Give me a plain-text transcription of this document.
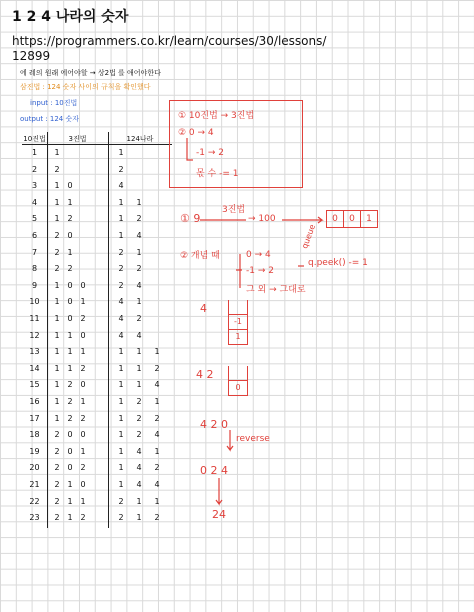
1 2 4 나라의 숫자
https://programmers.co.kr/learn/courses/30/lessons/
12899
에 레의 원래 에어야할 → 상2법 를 애어야한다
삼진법 : 124 숫자 사이의 규칙을 확인했다
input : 10진법
output : 124 숫자
10진법	3진법	124나라
1	1	1
2	2	2
3	1 0	4
4	1 1	1	1
5	1 2	1	2
6	2 0	1	4
7	2 1	2	1
8	2 2	2	2
9	1 0 0	2	4
10	1 0 1	4	1
11	1 0 2	4	2
12	1 1 0	4	4
13	1 1 1	1	1	1
14	1 1 2	1	1	2
15	1 2 0	1	1	4
16	1 2 1	1	2	1
17	1 2 2	1	2	2
18	2 0 0	1	2	4
19	2 0 1	1	4	1
20	2 0 2	1	4	2
21	2 1 0	1	4	4
22	2 1 1	2	1	1
23	2 1 2	2	1	2
① 10진법 → 3진법
② 0 → 4
-1 → 2
몫 수 -= 1
① 9
3진법
→ 100
queue
0	0	1
② 개념 때	0 → 4
-1 → 2
그 외 → 그대로
q.peek() -= 1
4
-1
1
4 2
0
4 2 0
reverse
0 2 4
24
